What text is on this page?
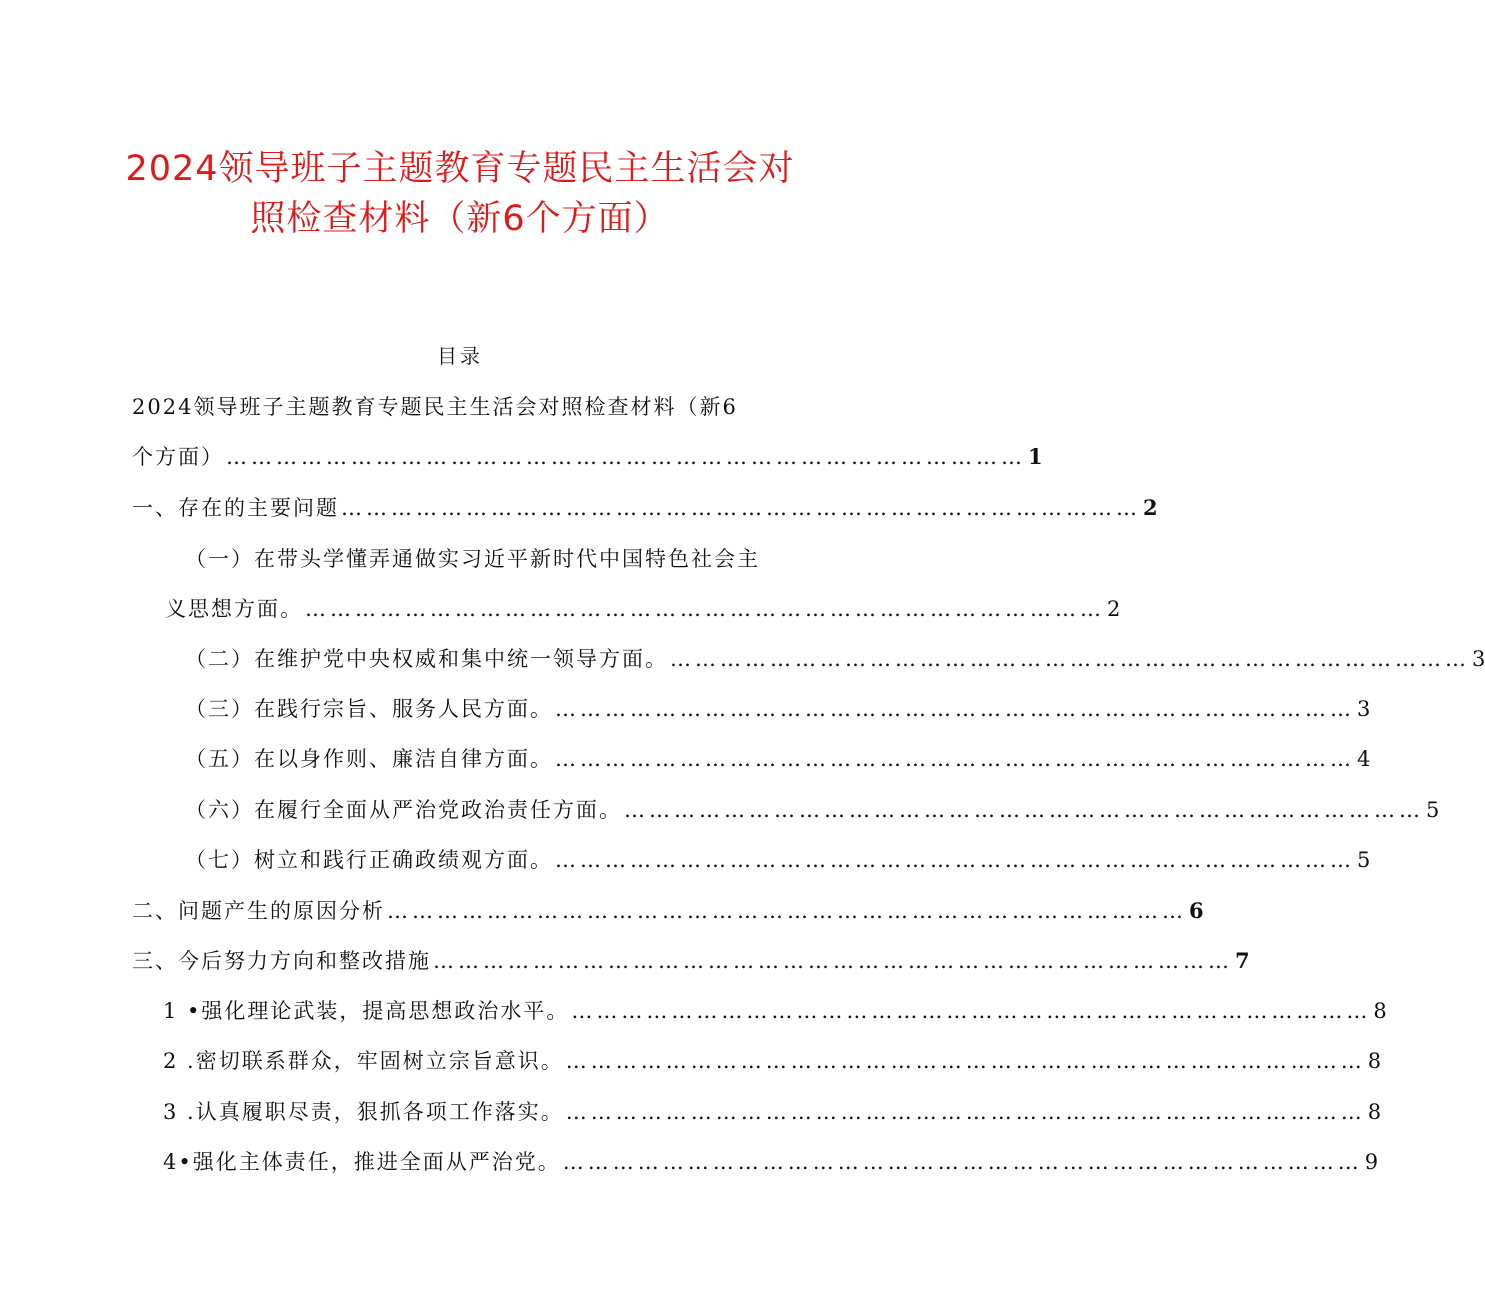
2024领导班子主题教育专题民主生活会对
照检查材料（新6个方面）
目录
2024领导班子主题教育专题民主生活会对照检查材料（新6
个方面） …………………………………………………………………………………… 1
一、存在的主要问题 …………………………………………………………………………………… 2
（一）在带头学懂弄通做实习近平新时代中国特色社会主
义思想方面。 …………………………………………………………………………………… 2
（二）在维护党中央权威和集中统一领导方面。 …………………………………………………………………………………… 3
（三）在践行宗旨、服务人民方面。 …………………………………………………………………………………… 3
（五）在以身作则、廉洁自律方面。 …………………………………………………………………………………… 4
（六）在履行全面从严治党政治责任方面。 …………………………………………………………………………………… 5
（七）树立和践行正确政绩观方面。 …………………………………………………………………………………… 5
二、问题产生的原因分析 …………………………………………………………………………………… 6
三、今后努力方向和整改措施 …………………………………………………………………………………… 7
1 •强化理论武装，提高思想政治水平。 …………………………………………………………………………………… 8
2 .密切联系群众，牢固树立宗旨意识。 …………………………………………………………………………………… 8
3 .认真履职尽责，狠抓各项工作落实。 …………………………………………………………………………………… 8
4•强化主体责任，推进全面从严治党。 …………………………………………………………………………………… 9
